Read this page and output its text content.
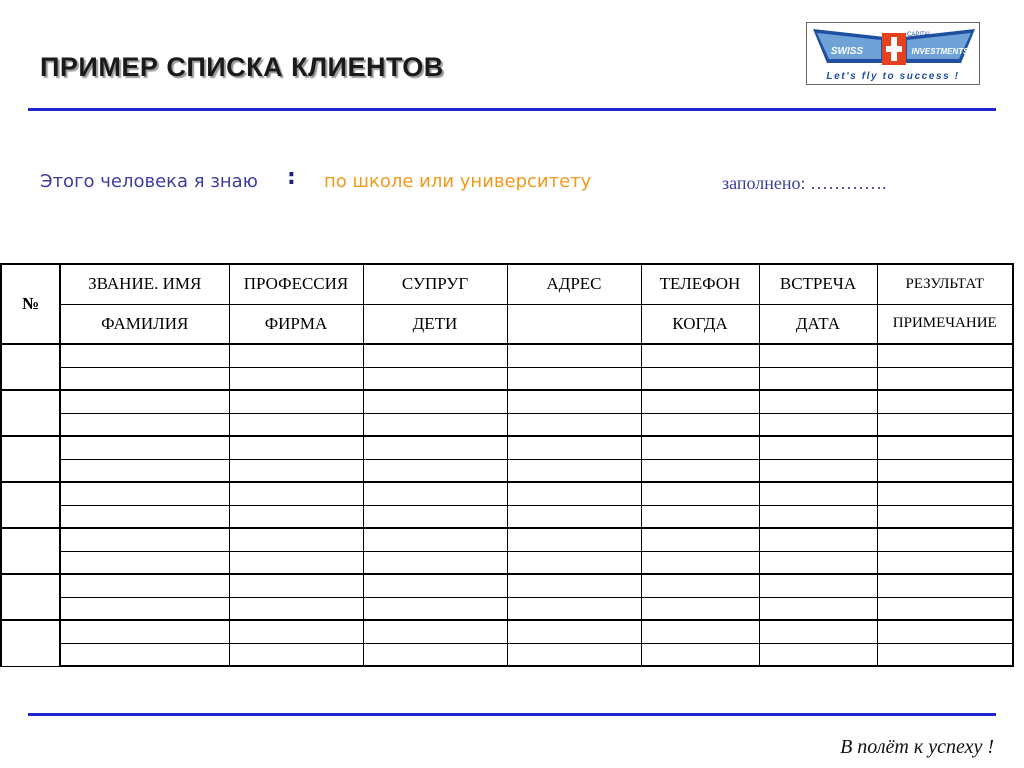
ПРИМЕР СПИСКА КЛИЕНТОВ
SWISS	INVESTMENTS
CAPITAL
Let's fly to success !
Этого человека я знаю : по школе или университету	заполнено: ………….
№	ЗВАНИЕ. ИМЯ	ПРОФЕССИЯ	СУПРУГ	АДРЕС	ТЕЛЕФОН	ВСТРЕЧА	РЕЗУЛЬТАТ
	ФАМИЛИЯ	ФИРМА	ДЕТИ		КОГДА	ДАТА	ПРИМЕЧАНИЕ

В полёт к успеху !
